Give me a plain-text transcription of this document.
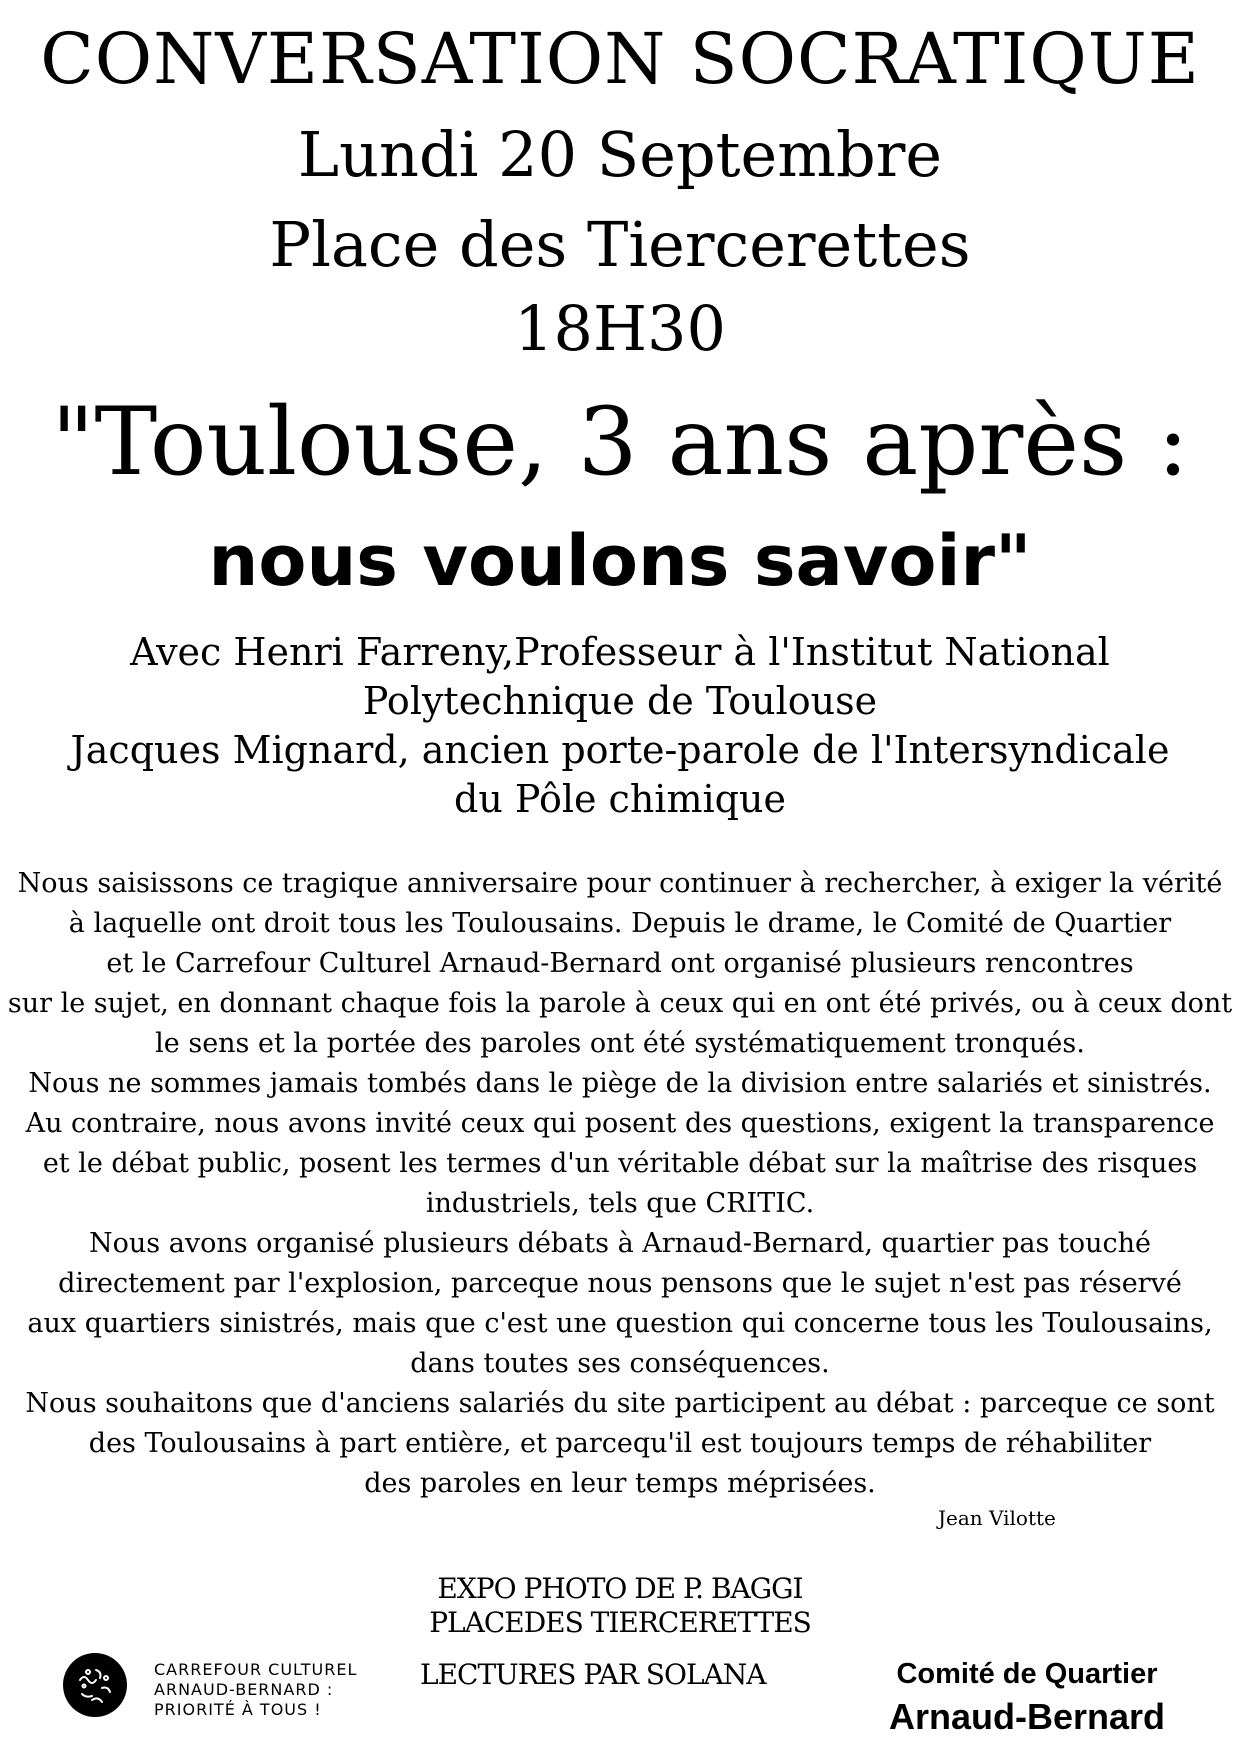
CONVERSATION SOCRATIQUE
Lundi 20 Septembre
Place des Tiercerettes
18H30
"Toulouse, 3 ans après :
nous voulons savoir"
Avec Henri Farreny,Professeur à l'Institut National
Polytechnique de Toulouse
Jacques Mignard, ancien porte-parole de l'Intersyndicale
du Pôle chimique
Nous saisissons ce tragique anniversaire pour continuer à rechercher, à exiger la vérité
à laquelle ont droit tous les Toulousains. Depuis le drame, le Comité de Quartier
et le Carrefour Culturel Arnaud-Bernard ont organisé plusieurs rencontres
sur le sujet, en donnant chaque fois la parole à ceux qui en ont été privés, ou à ceux dont
le sens et la portée des paroles ont été systématiquement tronqués.
Nous ne sommes jamais tombés dans le piège de la division entre salariés et sinistrés.
Au contraire, nous avons invité ceux qui posent des questions, exigent la transparence
et le débat public, posent les termes d'un véritable débat sur la maîtrise des risques
industriels, tels que CRITIC.
Nous avons organisé plusieurs débats à Arnaud-Bernard, quartier pas touché
directement par l'explosion, parceque nous pensons que le sujet n'est pas réservé
aux quartiers sinistrés, mais que c'est une question qui concerne tous les Toulousains,
dans toutes ses conséquences.
Nous souhaitons que d'anciens salariés du site participent au débat : parceque ce sont
des Toulousains à part entière, et parcequ'il est toujours temps de réhabiliter
des paroles en leur temps méprisées.
Jean Vilotte
EXPO PHOTO DE P. BAGGI
PLACEDES TIERCERETTES
LECTURES PAR SOLANA
CARREFOUR CULTUREL
ARNAUD-BERNARD :
PRIORITÉ À TOUS !
Comité de Quartier
Arnaud-Bernard
